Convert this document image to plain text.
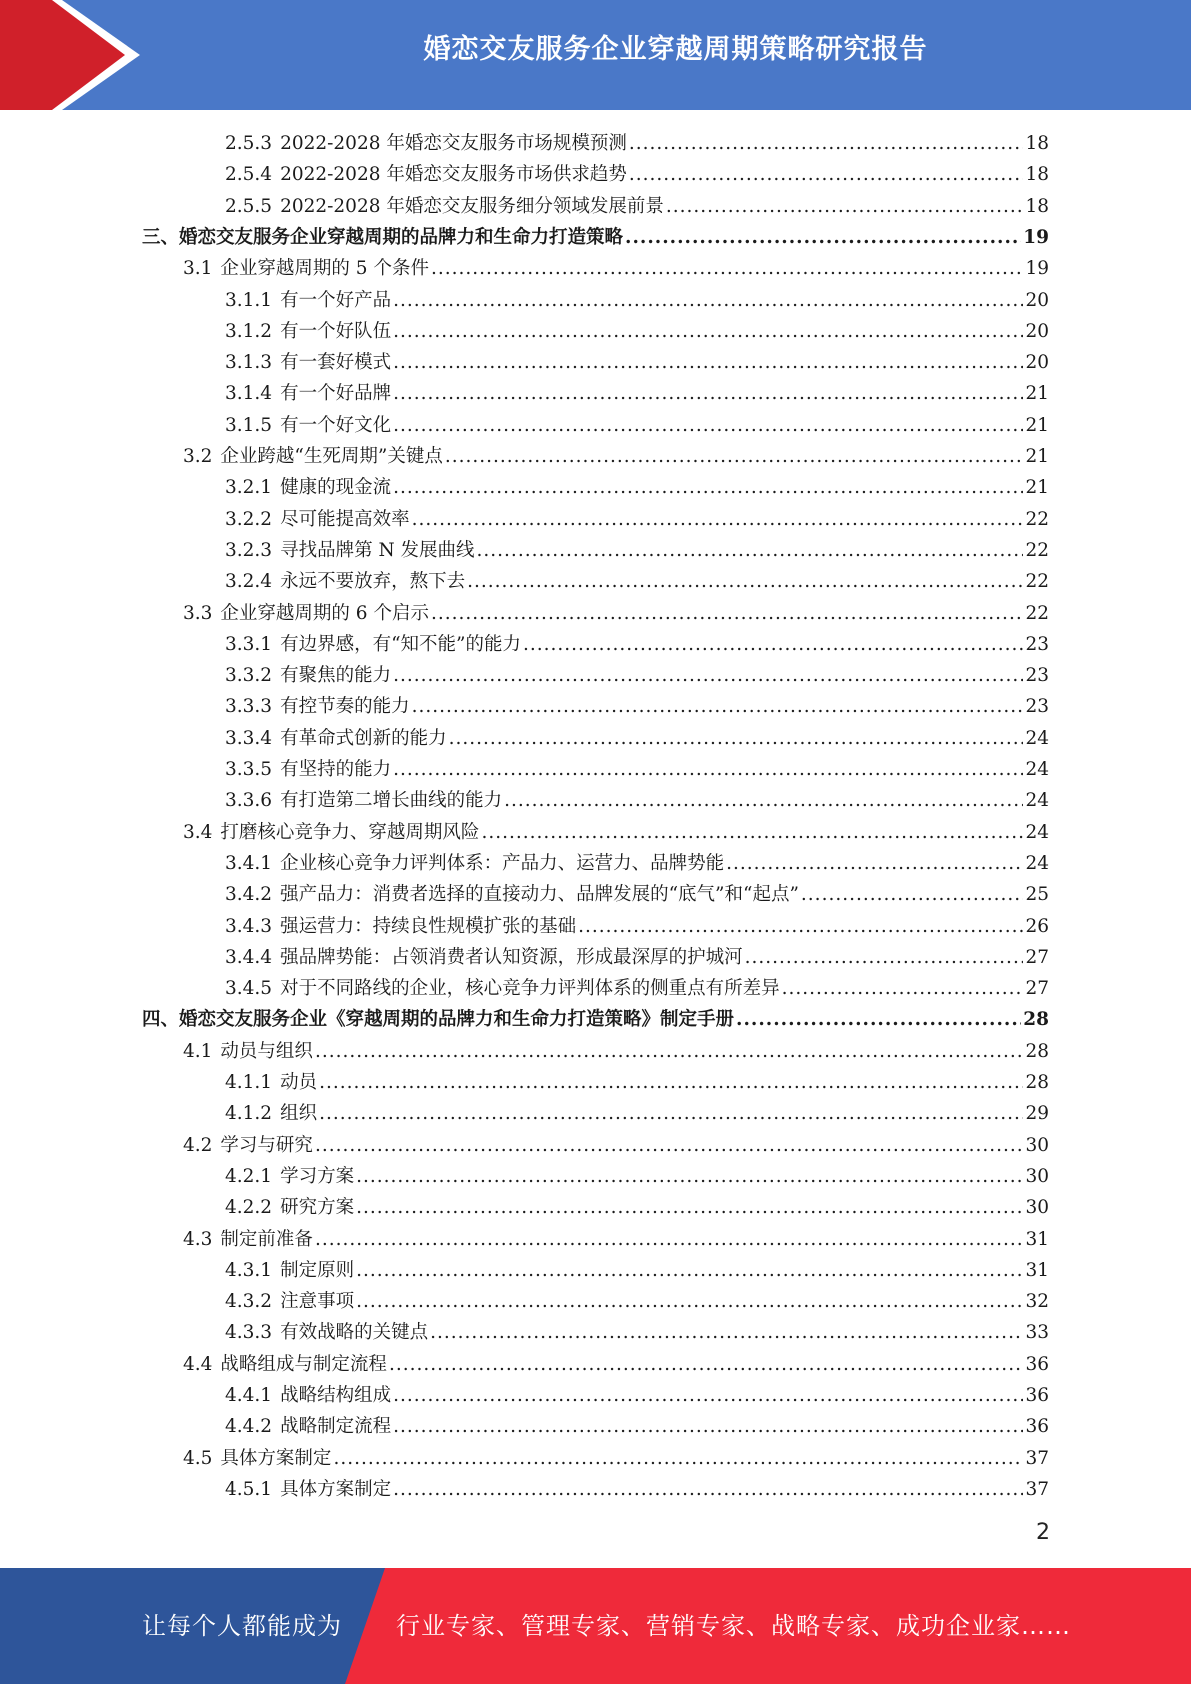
婚恋交友服务企业穿越周期策略研究报告
2.5.3 2022-2028 年婚恋交友服务市场规模预测 .....	18
2.5.4 2022-2028 年婚恋交友服务市场供求趋势 .....	18
2.5.5 2022-2028 年婚恋交友服务细分领域发展前景 .....	18
三、婚恋交友服务企业穿越周期的品牌力和生命力打造策略 .....	19
3.1 企业穿越周期的 5 个条件 .....	19
3.1.1 有一个好产品 .....	20
3.1.2 有一个好队伍 .....	20
3.1.3 有一套好模式 .....	20
3.1.4 有一个好品牌 .....	21
3.1.5 有一个好文化 .....	21
3.2 企业跨越“生死周期”关键点 .....	21
3.2.1 健康的现金流 .....	21
3.2.2 尽可能提高效率 .....	22
3.2.3 寻找品牌第 N 发展曲线 .....	22
3.2.4 永远不要放弃，熬下去 .....	22
3.3 企业穿越周期的 6 个启示 .....	22
3.3.1 有边界感，有“知不能”的能力 .....	23
3.3.2 有聚焦的能力 .....	23
3.3.3 有控节奏的能力 .....	23
3.3.4 有革命式创新的能力 .....	24
3.3.5 有坚持的能力 .....	24
3.3.6 有打造第二增长曲线的能力 .....	24
3.4 打磨核心竞争力、穿越周期风险 .....	24
3.4.1 企业核心竞争力评判体系：产品力、运营力、品牌势能 .....	24
3.4.2 强产品力：消费者选择的直接动力、品牌发展的“底气”和“起点” .....	25
3.4.3 强运营力：持续良性规模扩张的基础 .....	26
3.4.4 强品牌势能：占领消费者认知资源，形成最深厚的护城河 .....	27
3.4.5 对于不同路线的企业，核心竞争力评判体系的侧重点有所差异 .....	27
四、婚恋交友服务企业《穿越周期的品牌力和生命力打造策略》制定手册 .....	28
4.1 动员与组织 .....	28
4.1.1 动员 .....	28
4.1.2 组织 .....	29
4.2 学习与研究 .....	30
4.2.1 学习方案 .....	30
4.2.2 研究方案 .....	30
4.3 制定前准备 .....	31
4.3.1 制定原则 .....	31
4.3.2 注意事项 .....	32
4.3.3 有效战略的关键点 .....	33
4.4 战略组成与制定流程 .....	36
4.4.1 战略结构组成 .....	36
4.4.2 战略制定流程 .....	36
4.5 具体方案制定 .....	37
4.5.1 具体方案制定 .....	37
2
让每个人都能成为 行业专家、管理专家、营销专家、战略专家、成功企业家……
